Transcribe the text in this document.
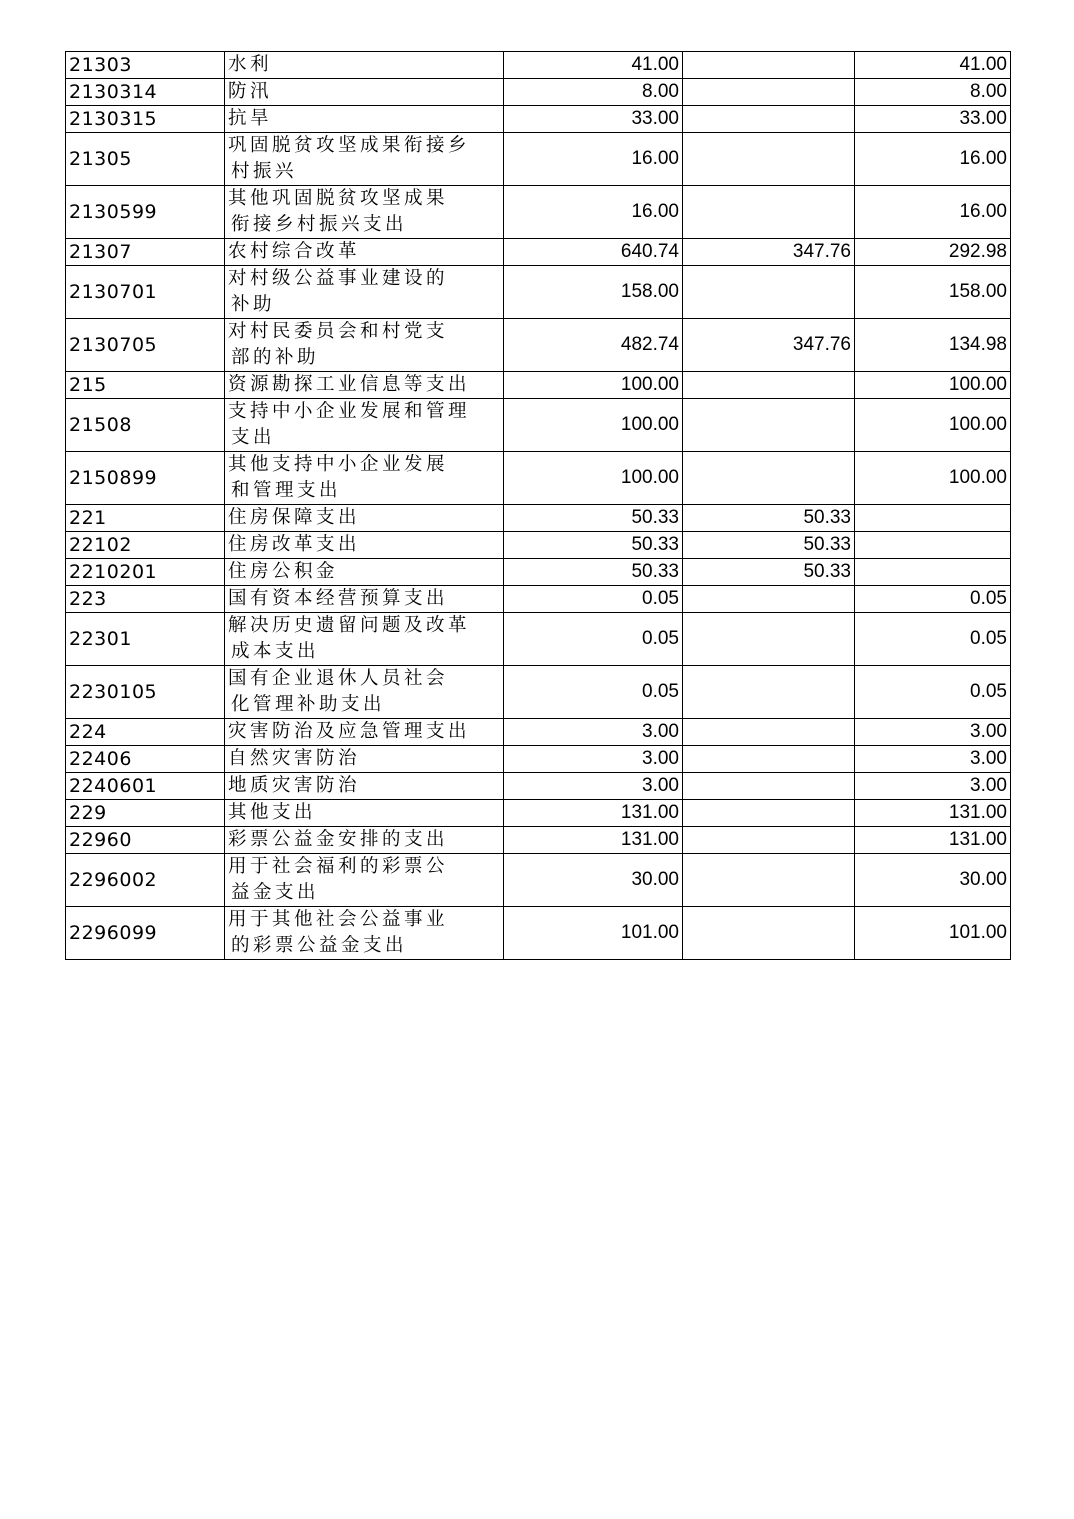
21303	水利	41.00		41.00
2130314	防汛	8.00		8.00
2130315	抗旱	33.00		33.00
21305	巩固脱贫攻坚成果衔接乡
村振兴	16.00		16.00
2130599	其他巩固脱贫攻坚成果
衔接乡村振兴支出	16.00		16.00
21307	农村综合改革	640.74	347.76	292.98
2130701	对村级公益事业建设的
补助	158.00		158.00
2130705	对村民委员会和村党支
部的补助	482.74	347.76	134.98
215	资源勘探工业信息等支出	100.00		100.00
21508	支持中小企业发展和管理
支出	100.00		100.00
2150899	其他支持中小企业发展
和管理支出	100.00		100.00
221	住房保障支出	50.33	50.33	
22102	住房改革支出	50.33	50.33	
2210201	住房公积金	50.33	50.33	
223	国有资本经营预算支出	0.05		0.05
22301	解决历史遗留问题及改革
成本支出	0.05		0.05
2230105	国有企业退休人员社会
化管理补助支出	0.05		0.05
224	灾害防治及应急管理支出	3.00		3.00
22406	自然灾害防治	3.00		3.00
2240601	地质灾害防治	3.00		3.00
229	其他支出	131.00		131.00
22960	彩票公益金安排的支出	131.00		131.00
2296002	用于社会福利的彩票公
益金支出	30.00		30.00
2296099	用于其他社会公益事业
的彩票公益金支出	101.00		101.00
